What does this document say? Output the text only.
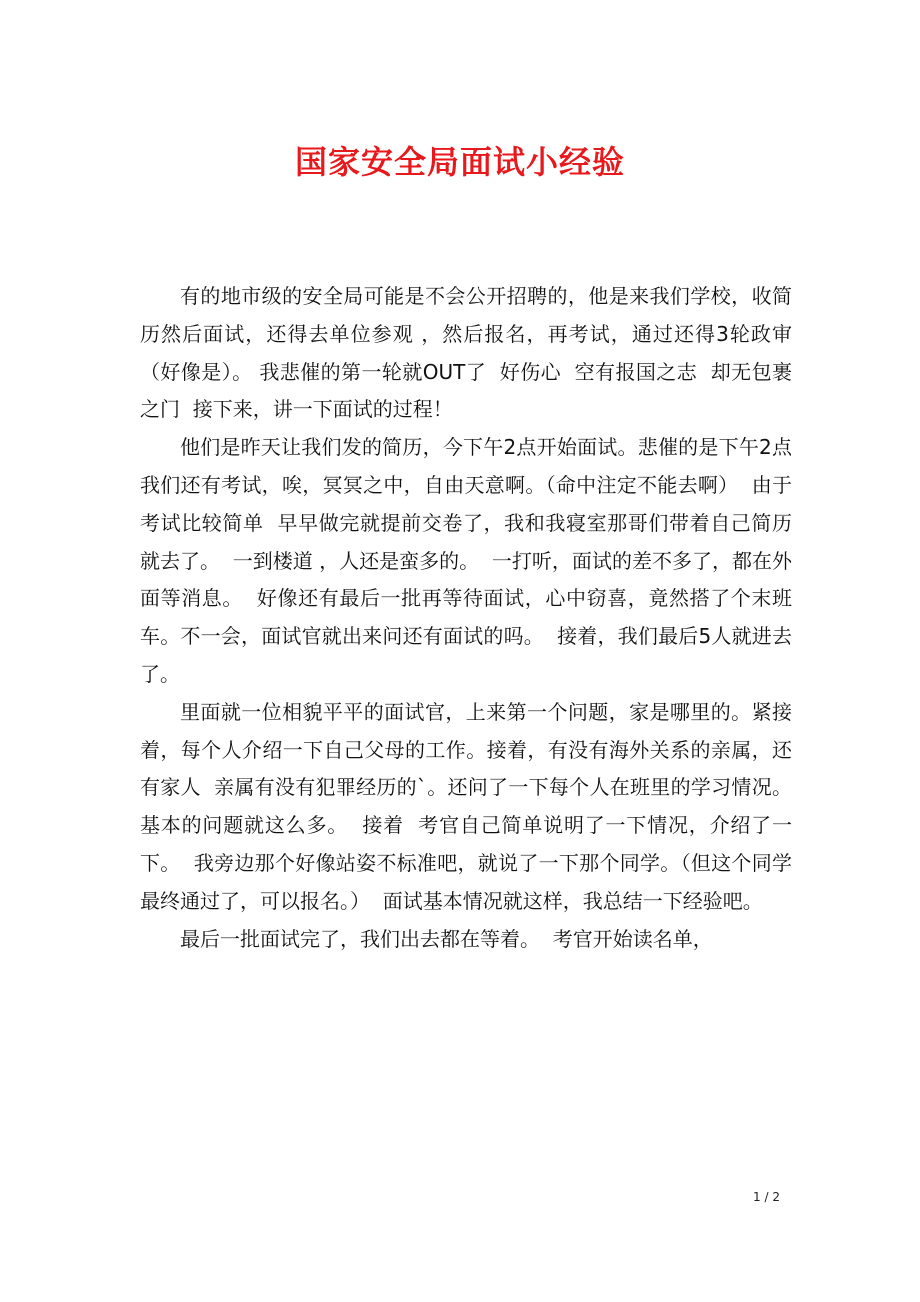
国家安全局面试小经验

有的地市级的安全局可能是不会公开招聘的，他是来我们学校，收简历然后面试，还得去单位参观 ，然后报名，再考试，通过还得3轮政审（好像是）。 我悲催的第一轮就OUT了  好伤心  空有报国之志  却无包裹之门  接下来，讲一下面试的过程！

他们是昨天让我们发的简历，今下午2点开始面试。悲催的是下午2点我们还有考试，唉，冥冥之中，自由天意啊。（命中注定不能去啊）  由于考试比较简单  早早做完就提前交卷了，我和我寝室那哥们带着自己简历就去了。  一到楼道 ，人还是蛮多的。  一打听，面试的差不多了，都在外面等消息。  好像还有最后一批再等待面试，心中窃喜，竟然搭了个末班车。不一会，面试官就出来问还有面试的吗。  接着，我们最后5人就进去了。

里面就一位相貌平平的面试官，上来第一个问题，家是哪里的。紧接着，每个人介绍一下自己父母的工作。接着，有没有海外关系的亲属，还有家人  亲属有没有犯罪经历的`。还问了一下每个人在班里的学习情况。基本的问题就这么多。  接着  考官自己简单说明了一下情况，介绍了一下。  我旁边那个好像站姿不标准吧，就说了一下那个同学。（但这个同学最终通过了，可以报名。）  面试基本情况就这样，我总结一下经验吧。

最后一批面试完了，我们出去都在等着。  考官开始读名单，

1 / 2
